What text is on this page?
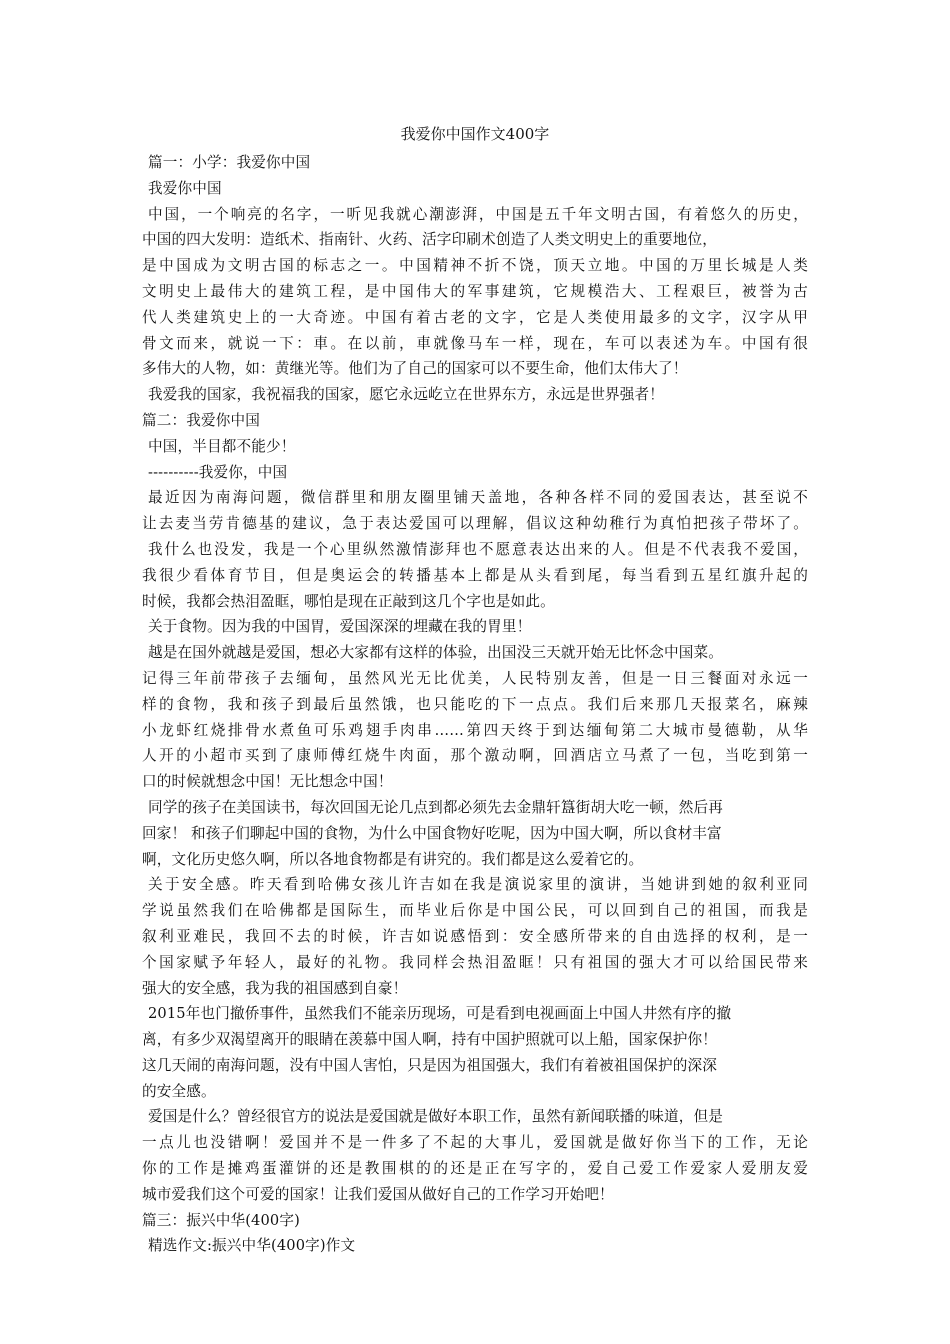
我爱你中国作文400字
篇一：小学：我爱你中国
我爱你中国
中国，一个响亮的名字，一听见我就心潮澎湃，中国是五千年文明古国，有着悠久的历史，
中国的四大发明：造纸术、指南针、火药、活字印刷术创造了人类文明史上的重要地位，
是中国成为文明古国的标志之一。中国精神不折不饶，顶天立地。中国的万里长城是人类
文明史上最伟大的建筑工程，是中国伟大的军事建筑，它规模浩大、工程艰巨，被誉为古
代人类建筑史上的一大奇迹。中国有着古老的文字，它是人类使用最多的文字，汉字从甲
骨文而来，就说一下：車。在以前，車就像马车一样，现在，车可以表述为车。中国有很
多伟大的人物，如：黄继光等。他们为了自己的国家可以不要生命，他们太伟大了！
我爱我的国家，我祝福我的国家，愿它永远屹立在世界东方，永远是世界强者！
篇二：我爱你中国
中国，半目都不能少！
----------我爱你，中国
最近因为南海问题，微信群里和朋友圈里铺天盖地，各种各样不同的爱国表达，甚至说不
让去麦当劳肯德基的建议，急于表达爱国可以理解，倡议这种幼稚行为真怕把孩子带坏了。
我什么也没发，我是一个心里纵然激情澎拜也不愿意表达出来的人。但是不代表我不爱国，
我很少看体育节目，但是奥运会的转播基本上都是从头看到尾，每当看到五星红旗升起的
时候，我都会热泪盈眶，哪怕是现在正敲到这几个字也是如此。
关于食物。因为我的中国胃，爱国深深的埋藏在我的胃里！
越是在国外就越是爱国，想必大家都有这样的体验，出国没三天就开始无比怀念中国菜。
记得三年前带孩子去缅甸，虽然风光无比优美，人民特别友善，但是一日三餐面对永远一
样的食物，我和孩子到最后虽然饿，也只能吃的下一点点。我们后来那几天报菜名，麻辣
小龙虾红烧排骨水煮鱼可乐鸡翅手肉串……第四天终于到达缅甸第二大城市曼德勒，从华
人开的小超市买到了康师傅红烧牛肉面，那个激动啊，回酒店立马煮了一包，当吃到第一
口的时候就想念中国！无比想念中国！
同学的孩子在美国读书，每次回国无论几点到都必须先去金鼎轩簋街胡大吃一顿，然后再
回家！ 和孩子们聊起中国的食物，为什么中国食物好吃呢，因为中国大啊，所以食材丰富
啊，文化历史悠久啊，所以各地食物都是有讲究的。我们都是这么爱着它的。
关于安全感。昨天看到哈佛女孩儿许吉如在我是演说家里的演讲，当她讲到她的叙利亚同
学说虽然我们在哈佛都是国际生，而毕业后你是中国公民，可以回到自己的祖国，而我是
叙利亚难民，我回不去的时候，许吉如说感悟到：安全感所带来的自由选择的权利，是一
个国家赋予年轻人，最好的礼物。我同样会热泪盈眶！只有祖国的强大才可以给国民带来
强大的安全感，我为我的祖国感到自豪！
2015年也门撤侨事件，虽然我们不能亲历现场，可是看到电视画面上中国人井然有序的撤
离，有多少双渴望离开的眼睛在羡慕中国人啊，持有中国护照就可以上船，国家保护你！
这几天闹的南海问题，没有中国人害怕，只是因为祖国强大，我们有着被祖国保护的深深
的安全感。
爱国是什么？曾经很官方的说法是爱国就是做好本职工作，虽然有新闻联播的味道，但是
一点儿也没错啊！爱国并不是一件多了不起的大事儿，爱国就是做好你当下的工作，无论
你的工作是摊鸡蛋灌饼的还是教围棋的的还是正在写字的，爱自己爱工作爱家人爱朋友爱
城市爱我们这个可爱的国家！让我们爱国从做好自己的工作学习开始吧！
篇三：振兴中华(400字)
精选作文:振兴中华(400字)作文
